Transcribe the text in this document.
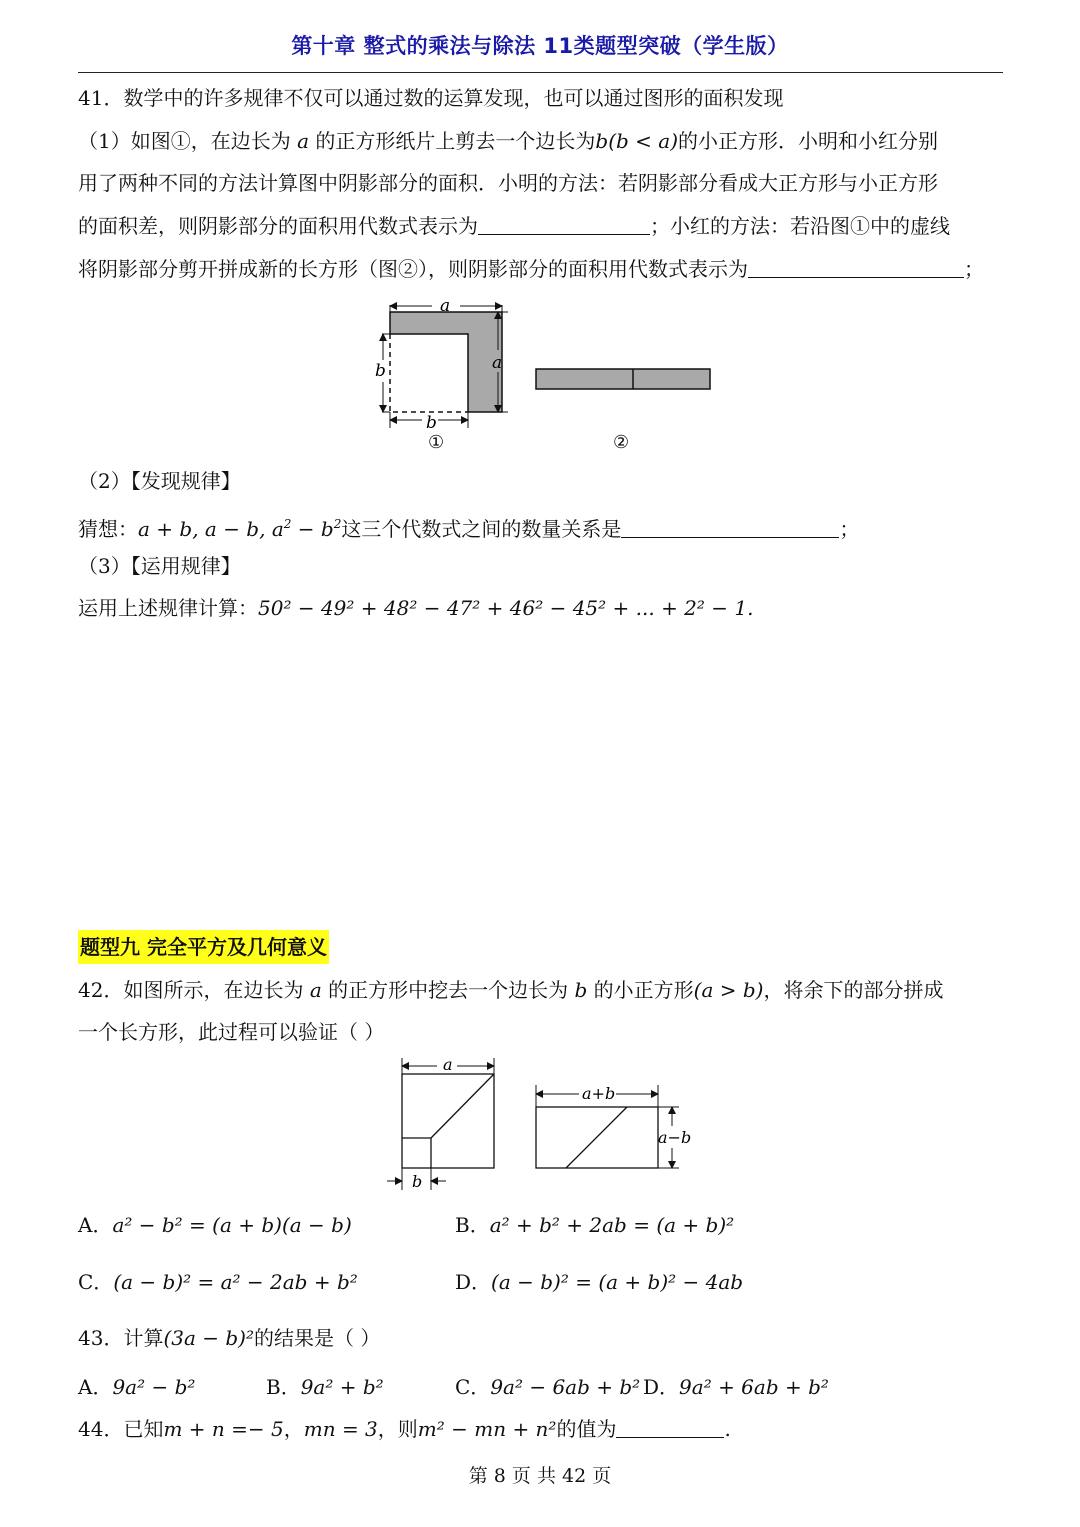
第十章 整式的乘法与除法 11类题型突破（学生版）
41．数学中的许多规律不仅可以通过数的运算发现，也可以通过图形的面积发现
（1）如图①，在边长为 a 的正方形纸片上剪去一个边长为b(b < a)的小正方形．小明和小红分别
用了两种不同的方法计算图中阴影部分的面积．小明的方法：若阴影部分看成大正方形与小正方形
的面积差，则阴影部分的面积用代数式表示为	；小红的方法：若沿图①中的虚线
将阴影部分剪开拼成新的长方形（图②），则阴影部分的面积用代数式表示为	；
a
a
b
b
①	②
（2）【发现规律】
猜想：a + b, a − b, $a^2 - b^2$这三个代数式之间的数量关系是	；
（3）【运用规律】
运用上述规律计算：50² − 49² + 48² − 47² + 46² − 45² + ... + 2² − 1.
题型九 完全平方及几何意义
42．如图所示，在边长为 a 的正方形中挖去一个边长为 b 的小正方形(a > b)，将余下的部分拼成
一个长方形，此过程可以验证（ ）
a
b
a+b
a−b
A．a² − b² = (a + b)(a − b)	B．a² + b² + 2ab = (a + b)²
C．(a − b)² = a² − 2ab + b²	D．(a − b)² = (a + b)² − 4ab
43．计算(3a − b)²的结果是（ ）
A．9a² − b²	B．9a² + b²	C．9a² − 6ab + b² D．9a² + 6ab + b²
44．已知m + n =− 5，mn = 3，则m² − mn + n²的值为	.
第 8 页 共 42 页
